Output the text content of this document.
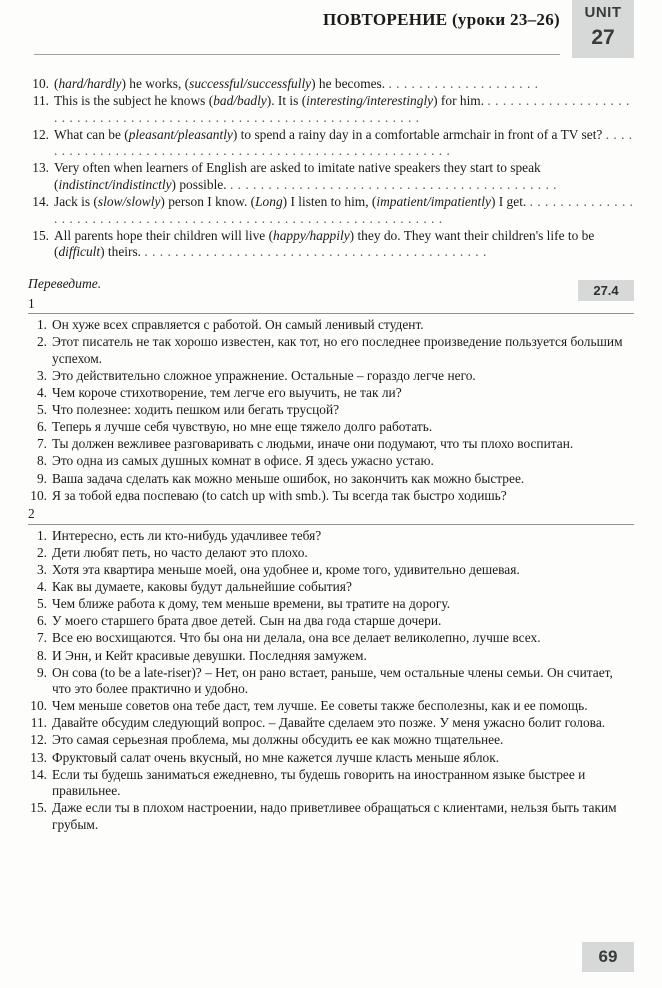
ПОВТОРЕНИЕ (уроки 23–26)	UNIT
27
10. (hard/hardly) he works, (successful/successfully) he becomes. . . . . . . . . . . . . . . . . . . . .
11. This is the subject he knows (bad/badly). It is (interesting/interestingly) for him. . . . . . . . . . . . . . . . . . . . . . . . . . . . . . . . . . . . . . . . . . . . . . . . . . . . . . . . . . . . . . . . . . . .
12. What can be (pleasant/pleasantly) to spend a rainy day in a comfortable armchair in front of a TV set? . . . . . . . . . . . . . . . . . . . . . . . . . . . . . . . . . . . . . . . . . . . . . . . . . . . . . . . .
13. Very often when learners of English are asked to imitate native speakers they start to speak (indistinct/indistinctly) possible. . . . . . . . . . . . . . . . . . . . . . . . . . . . . . . . . . . . . . . . . . . .
14. Jack is (slow/slowly) person I know. (Long) I listen to him, (impatient/impatiently) I get. . . . . . . . . . . . . . . . . . . . . . . . . . . . . . . . . . . . . . . . . . . . . . . . . . . . . . . . . . . . . . . . . .
15. All parents hope their children will live (happy/happily) they do. They want their children's life to be (difficult) theirs. . . . . . . . . . . . . . . . . . . . . . . . . . . . . . . . . . . . . . . . . . . . . .
27.4
Переведите.
1
1. Он хуже всех справляется с работой. Он самый ленивый студент.
2. Этот писатель не так хорошо известен, как тот, но его последнее произведение пользуется большим успехом.
3. Это действительно сложное упражнение. Остальные – гораздо легче него.
4. Чем короче стихотворение, тем легче его выучить, не так ли?
5. Что полезнее: ходить пешком или бегать трусцой?
6. Теперь я лучше себя чувствую, но мне еще тяжело долго работать.
7. Ты должен вежливее разговаривать с людьми, иначе они подумают, что ты плохо воспитан.
8. Это одна из самых душных комнат в офисе. Я здесь ужасно устаю.
9. Ваша задача сделать как можно меньше ошибок, но закончить как можно быстрее.
10. Я за тобой едва поспеваю (to catch up with smb.). Ты всегда так быстро ходишь?
2
1. Интересно, есть ли кто-нибудь удачливее тебя?
2. Дети любят петь, но часто делают это плохо.
3. Хотя эта квартира меньше моей, она удобнее и, кроме того, удивительно дешевая.
4. Как вы думаете, каковы будут дальнейшие события?
5. Чем ближе работа к дому, тем меньше времени, вы тратите на дорогу.
6. У моего старшего брата двое детей. Сын на два года старше дочери.
7. Все ею восхищаются. Что бы она ни делала, она все делает великолепно, лучше всех.
8. И Энн, и Кейт красивые девушки. Последняя замужем.
9. Он сова (to be a late-riser)? – Нет, он рано встает, раньше, чем остальные члены семьи. Он считает, что это более практично и удобно.
10. Чем меньше советов она тебе даст, тем лучше. Ее советы также бесполезны, как и ее помощь.
11. Давайте обсудим следующий вопрос. – Давайте сделаем это позже. У меня ужасно болит голова.
12. Это самая серьезная проблема, мы должны обсудить ее как можно тщательнее.
13. Фруктовый салат очень вкусный, но мне кажется лучше класть меньше яблок.
14. Если ты будешь заниматься ежедневно, ты будешь говорить на иностранном языке быстрее и правильнее.
15. Даже если ты в плохом настроении, надо приветливее обращаться с клиентами, нельзя быть таким грубым.
69
